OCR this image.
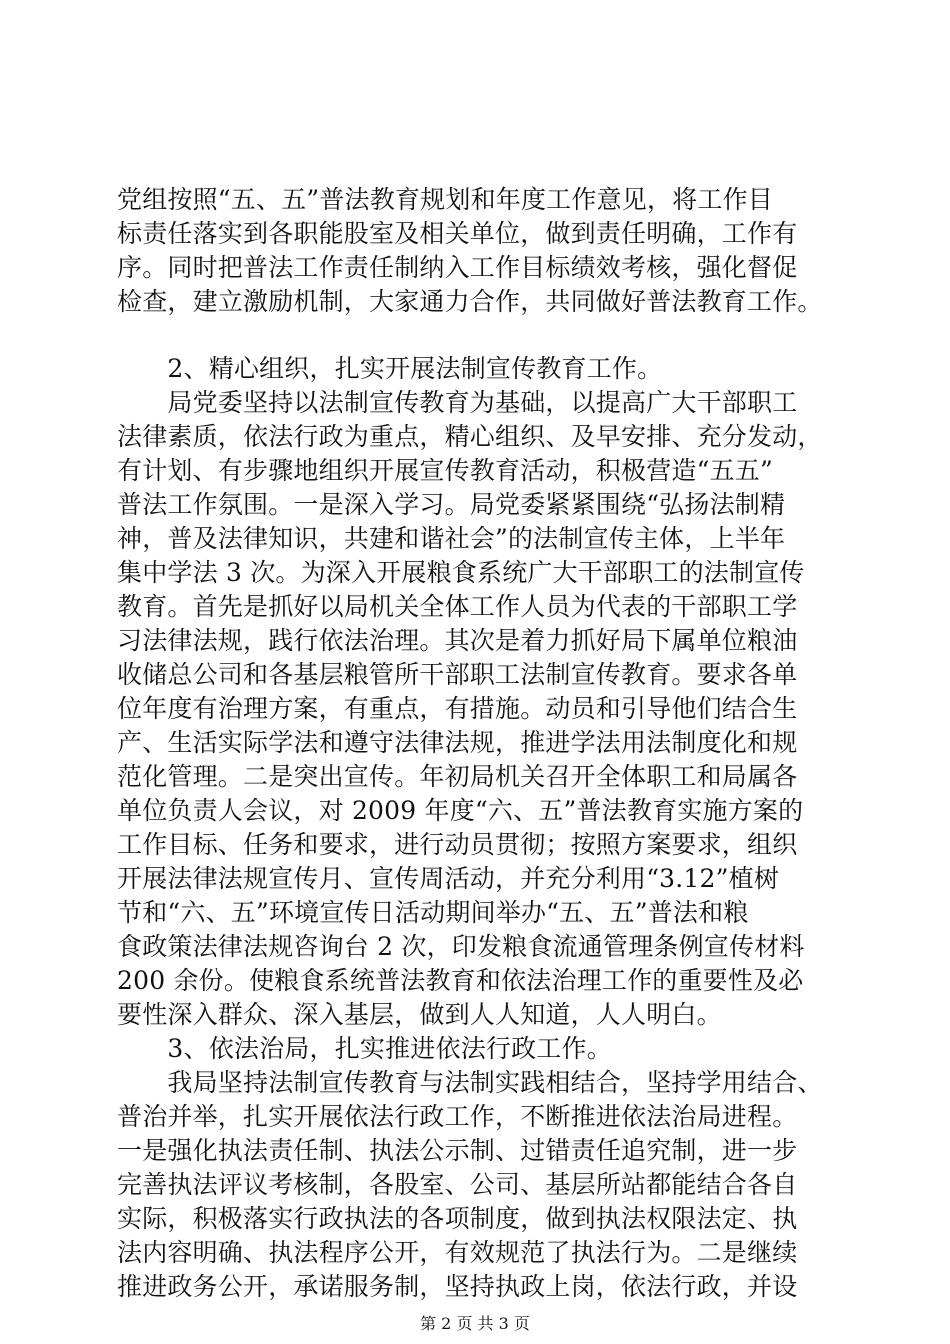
党组按照“五、五”普法教育规划和年度工作意见，将工作目
标责任落实到各职能股室及相关单位，做到责任明确，工作有
序。同时把普法工作责任制纳入工作目标绩效考核，强化督促
检查，建立激励机制，大家通力合作，共同做好普法教育工作。
　　2、精心组织，扎实开展法制宣传教育工作。
　　局党委坚持以法制宣传教育为基础，以提高广大干部职工
法律素质，依法行政为重点，精心组织、及早安排、充分发动，
有计划、有步骤地组织开展宣传教育活动，积极营造“五五”
普法工作氛围。一是深入学习。局党委紧紧围绕“弘扬法制精
神，普及法律知识，共建和谐社会”的法制宣传主体，上半年
集中学法 3 次。为深入开展粮食系统广大干部职工的法制宣传
教育。首先是抓好以局机关全体工作人员为代表的干部职工学
习法律法规，践行依法治理。其次是着力抓好局下属单位粮油
收储总公司和各基层粮管所干部职工法制宣传教育。要求各单
位年度有治理方案，有重点，有措施。动员和引导他们结合生
产、生活实际学法和遵守法律法规，推进学法用法制度化和规
范化管理。二是突出宣传。年初局机关召开全体职工和局属各
单位负责人会议，对 2009 年度“六、五”普法教育实施方案的
工作目标、任务和要求，进行动员贯彻；按照方案要求，组织
开展法律法规宣传月、宣传周活动，并充分利用“3.12”植树
节和“六、五”环境宣传日活动期间举办“五、五”普法和粮
食政策法律法规咨询台 2 次，印发粮食流通管理条例宣传材料
200 余份。使粮食系统普法教育和依法治理工作的重要性及必
要性深入群众、深入基层，做到人人知道，人人明白。
　　3、依法治局，扎实推进依法行政工作。
　　我局坚持法制宣传教育与法制实践相结合，坚持学用结合、
普治并举，扎实开展依法行政工作，不断推进依法治局进程。
一是强化执法责任制、执法公示制、过错责任追究制，进一步
完善执法评议考核制，各股室、公司、基层所站都能结合各自
实际，积极落实行政执法的各项制度，做到执法权限法定、执
法内容明确、执法程序公开，有效规范了执法行为。二是继续
推进政务公开，承诺服务制，坚持执政上岗，依法行政，并设
第 2 页 共 3 页
